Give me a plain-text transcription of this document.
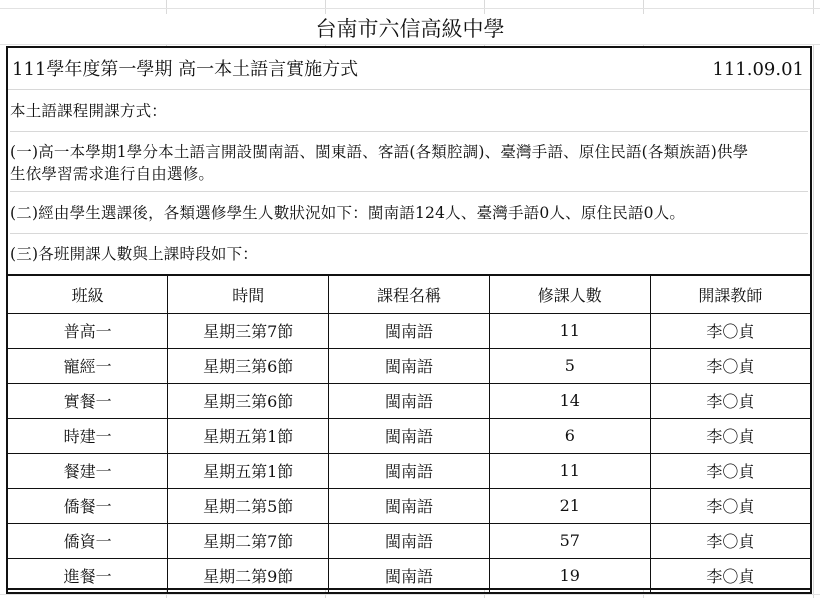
台南市六信高級中學
111學年度第一學期 高一本土語言實施方式	111.09.01
本土語課程開課方式：
(一)高一本學期1學分本土語言開設閩南語、閩東語、客語(各類腔調)、臺灣手語、原住民語(各類族語)供學
生依學習需求進行自由選修。
(二)經由學生選課後，各類選修學生人數狀況如下：閩南語124人、臺灣手語0人、原住民語0人。
(三)各班開課人數與上課時段如下：
班級	時間	課程名稱	修課人數	開課教師
普高一	星期三第7節	閩南語	11	李〇貞
寵經一	星期三第6節	閩南語	5	李〇貞
實餐一	星期三第6節	閩南語	14	李〇貞
時建一	星期五第1節	閩南語	6	李〇貞
餐建一	星期五第1節	閩南語	11	李〇貞
僑餐一	星期二第5節	閩南語	21	李〇貞
僑資一	星期二第7節	閩南語	57	李〇貞
進餐一	星期二第9節	閩南語	19	李〇貞
